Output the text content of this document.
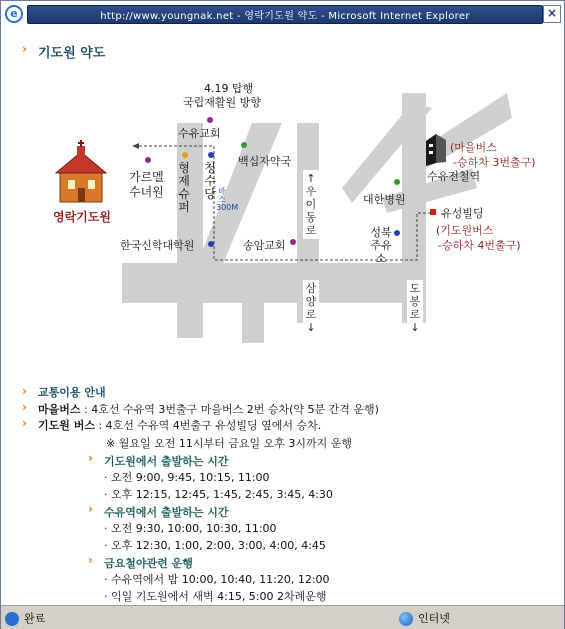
e	http://www.youngnak.net - 영락기도원 약도 - Microsoft Internet Explorer	×
› 기도원 약도
4.19 탑행
국립재활원 방향
수유교회
가르멜
수녀원
형제슈퍼
청수당 바스300M
백십자약국
한국신학대학원	송암교회
↑우이동로
삼양로↓
도봉로↓
대한병원
성북주유소
수유전철역
(마을버스
-승하차 3번출구)
유성빌딩
(기도원버스
-승하차 4번출구)
영락기도원
› 교통이용 안내
› 마을버스 : 4호선 수유역 3번출구 마을버스 2번 승차(약 5분 간격 운행)
› 기도원 버스 : 4호선 수유역 4번출구 유성빌딩 옆에서 승차.
※ 월요일 오전 11시부터 금요일 오후 3시까지 운행
› 기도원에서 출발하는 시간
· 오전 9:00, 9:45, 10:15, 11:00
· 오후 12:15, 12:45, 1:45, 2:45, 3:45, 4:30
› 수유역에서 출발하는 시간
· 오전 9:30, 10:00, 10:30, 11:00
· 오후 12:30, 1:00, 2:00, 3:00, 4:00, 4:45
› 금요철야관련 운행
· 수유역에서 밤 10:00, 10:40, 11:20, 12:00
· 익일 기도원에서 새벽 4:15, 5:00 2차례운행
완료	인터넷
